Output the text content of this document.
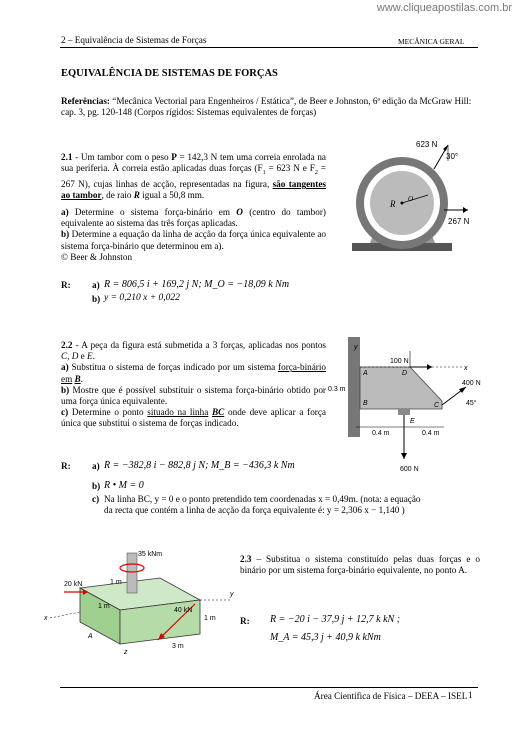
www.cliqueapostilas.com.br
2 – Equivalência de Sistemas de Forças	MECÂNICA GERAL
EQUIVALÊNCIA DE SISTEMAS DE FORÇAS
Referências: “Mecânica Vectorial para Engenheiros / Estática”, de Beer e Johnston, 6ª edição da McGraw Hill: cap. 3, pg. 120-148 (Corpos rígidos: Sistemas equivalentes de forças)
2.1 - Um tambor com o peso P = 142,3 N tem uma correia enrolada na sua periferia. À correia estão aplicadas duas forças ($F_1 = 623$ N e $F_2 = 267$ N), cujas linhas de acção, representadas na figura, são tangentes ao tambor, de raio R igual a 50,8 mm.
a) Determine o sistema força-binário em O (centro do tambor) equivalente ao sistema das três forças aplicadas.
b) Determine a equação da linha de acção da força única equivalente ao sistema força-binário que determinou em a).
© Beer & Johnston
R: a) R = 806,5 i + 169,2 j N; M_O = −18,09 k Nm
b) y = 0,210 x + 0,022
623 N
30°
267 N
R O
2.2 - A peça da figura está submetida a 3 forças, aplicadas nos pontos C, D e E.
a) Substitua o sistema de forças indicado por um sistema força-binário em B.
b) Mostre que é possível substituir o sistema força-binário obtido por uma força única equivalente.
c) Determine o ponto situado na linha BC onde deve aplicar a força única que substitui o sistema de forças indicado.
R: a) R = −382,8 i − 882,8 j N; M_B = −436,3 k Nm
b) R • M = 0
c) Na linha BC, y = 0 e o ponto pretendido tem coordenadas x = 0,49m. (nota: a equação da recta que contém a linha de acção da força equivalente é: y = 2,306 x − 1,140 )
100 N
400 N
600 N
45°
0.3 m
0.4 m	0.4 m
A
B	C
D
E
x
y
35 kNm
20 kN
40 kN
1 m
1 m
1 m
3 m
A
x
y
z
2.3 – Substitua o sistema constituído pelas duas forças e o binário por um sistema força-binário equivalente, no ponto A.
R: R = −20 i − 37,9 j + 12,7 k kN ;
M_A = 45,3 j + 40,9 k kNm
Área Científica de Física – DEEA – ISEL 1
